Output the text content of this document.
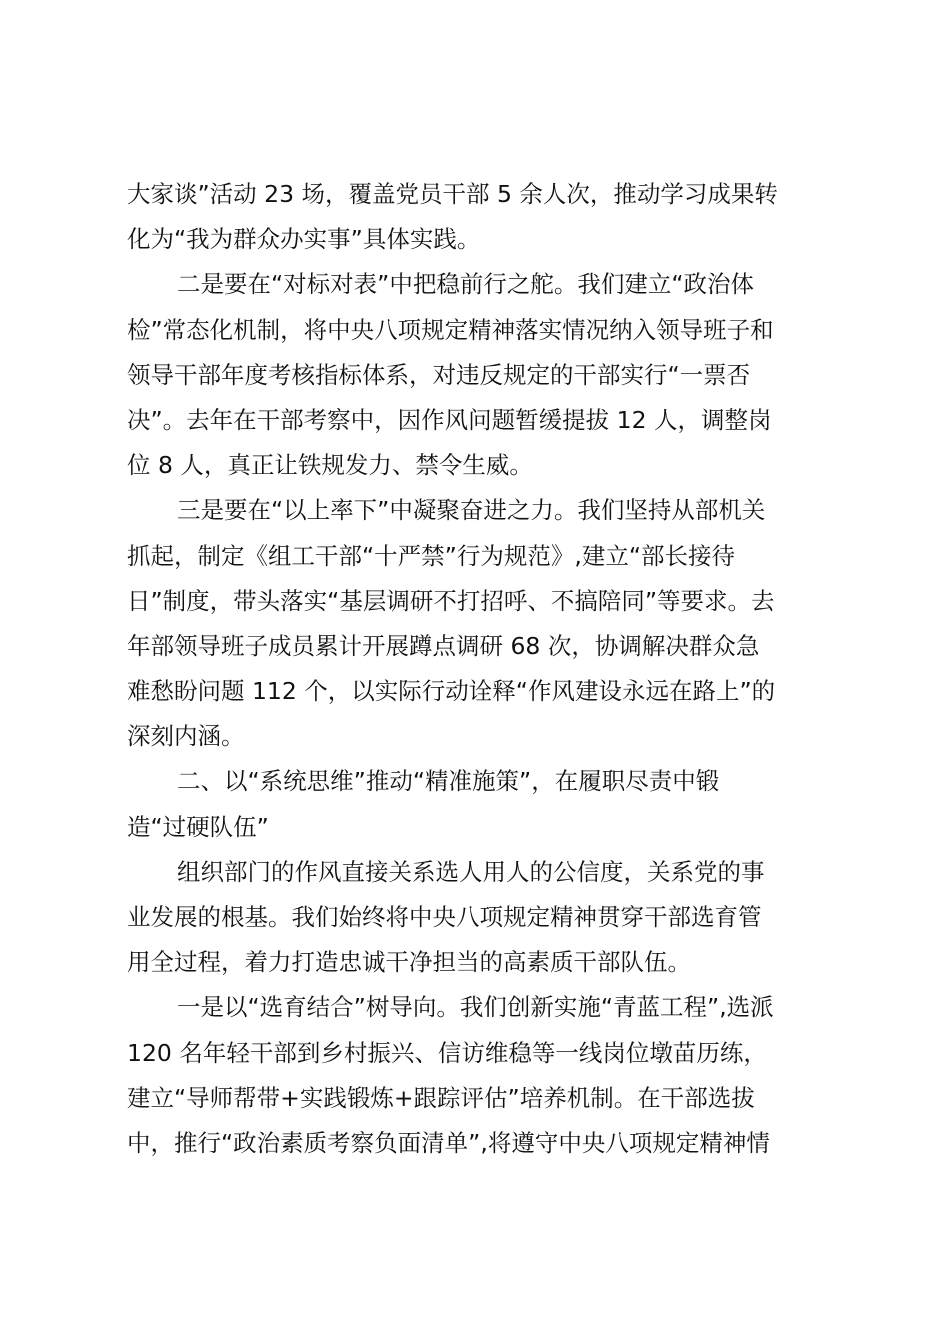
大家谈”活动 23 场，覆盖党员干部 5 余人次，推动学习成果转
化为“我为群众办实事”具体实践。
二是要在“对标对表”中把稳前行之舵。我们建立“政治体
检”常态化机制，将中央八项规定精神落实情况纳入领导班子和
领导干部年度考核指标体系，对违反规定的干部实行“一票否
决”。去年在干部考察中，因作风问题暂缓提拔 12 人，调整岗
位 8 人，真正让铁规发力、禁令生威。
三是要在“以上率下”中凝聚奋进之力。我们坚持从部机关
抓起，制定《组工干部“十严禁”行为规范》,建立“部长接待
日”制度，带头落实“基层调研不打招呼、不搞陪同”等要求。去
年部领导班子成员累计开展蹲点调研 68 次，协调解决群众急
难愁盼问题 112 个，以实际行动诠释“作风建设永远在路上”的
深刻内涵。
二、以“系统思维”推动“精准施策”，在履职尽责中锻
造“过硬队伍”
组织部门的作风直接关系选人用人的公信度，关系党的事
业发展的根基。我们始终将中央八项规定精神贯穿干部选育管
用全过程，着力打造忠诚干净担当的高素质干部队伍。
一是以“选育结合”树导向。我们创新实施“青蓝工程”,选派
120 名年轻干部到乡村振兴、信访维稳等一线岗位墩苗历练，
建立“导师帮带+实践锻炼+跟踪评估”培养机制。在干部选拔
中，推行“政治素质考察负面清单”,将遵守中央八项规定精神情
